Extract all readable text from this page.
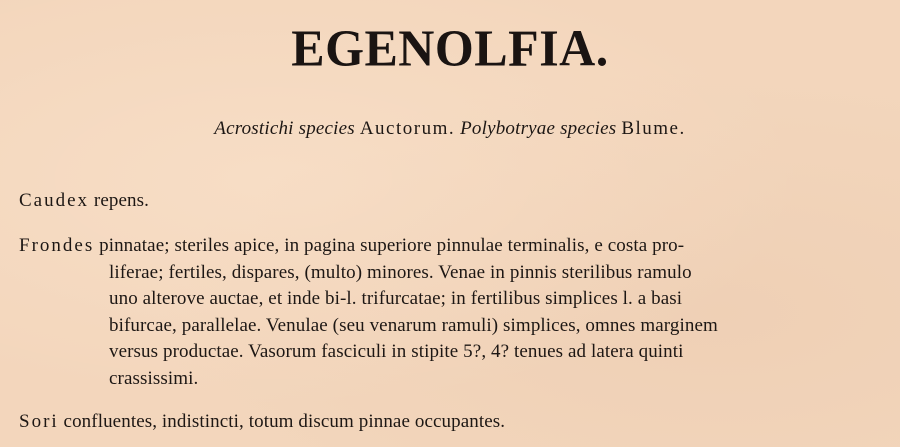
EGENOLFIA.
Acrostichi species Auctorum. Polybotryae species Blume.
Caudex repens.
Frondes pinnatae; steriles apice, in pagina superiore pinnulae terminalis, e costa pro-
liferae; fertiles, dispares, (multo) minores. Venae in pinnis sterilibus ramulo
uno alterove auctae, et inde bi-l. trifurcatae; in fertilibus simplices l. a basi
bifurcae, parallelae. Venulae (seu venarum ramuli) simplices, omnes marginem
versus productae. Vasorum fasciculi in stipite 5?, 4? tenues ad latera quinti
crassissimi.
Sori confluentes, indistincti, totum discum pinnae occupantes.
